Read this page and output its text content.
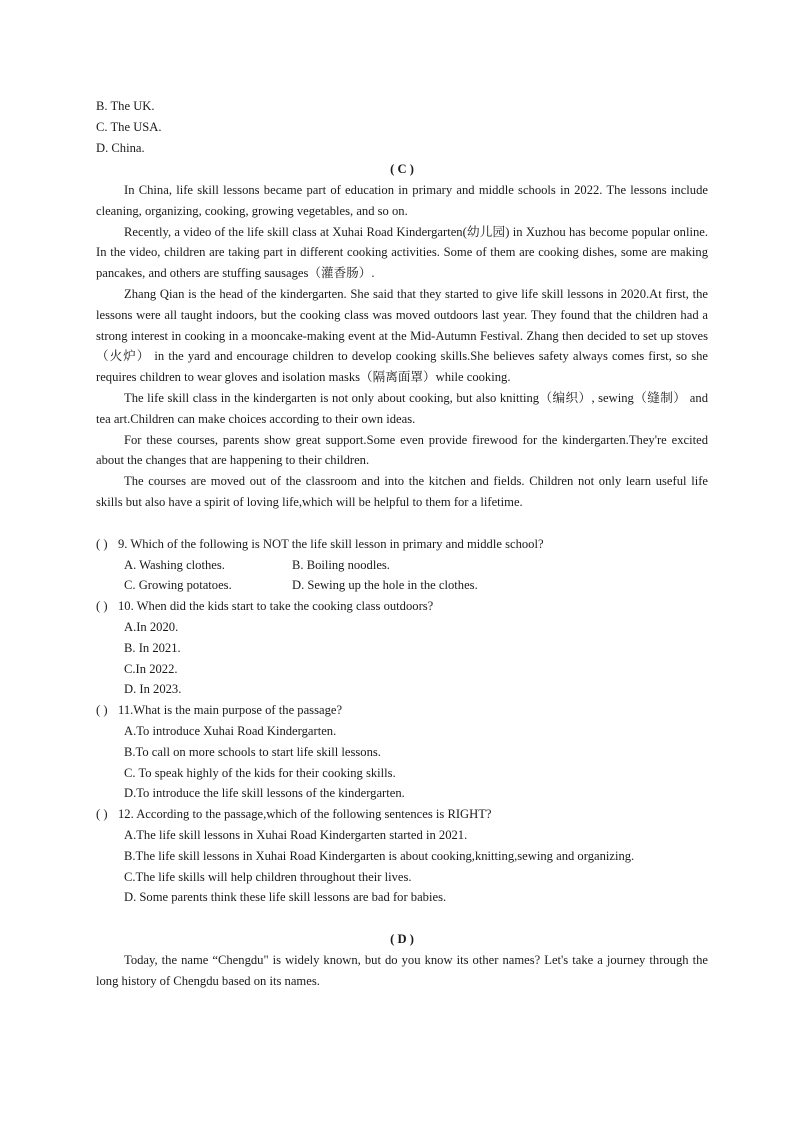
B. The UK.
C. The USA.
D. China.
( C )

In China, life skill lessons became part of education in primary and middle schools in 2022. The lessons include cleaning, organizing, cooking, growing vegetables, and so on.

Recently, a video of the life skill class at Xuhai Road Kindergarten(幼儿园) in Xuzhou has become popular online. In the video, children are taking part in different cooking activities. Some of them are cooking dishes, some are making pancakes, and others are stuffing sausages（灌香肠）.

Zhang Qian is the head of the kindergarten. She said that they started to give life skill lessons in 2020.At first, the lessons were all taught indoors, but the cooking class was moved outdoors last year. They found that the children had a strong interest in cooking in a mooncake-making event at the Mid-Autumn Festival. Zhang then decided to set up stoves（火炉） in the yard and encourage children to develop cooking skills.She believes safety always comes first, so she requires children to wear gloves and isolation masks（隔离面罩）while cooking.

The life skill class in the kindergarten is not only about cooking, but also knitting（编织）, sewing（缝制） and tea art.Children can make choices according to their own ideas.

For these courses, parents show great support.Some even provide firewood for the kindergarten.They're excited about the changes that are happening to their children.

The courses are moved out of the classroom and into the kitchen and fields. Children not only learn useful life skills but also have a spirit of loving life,which will be helpful to them for a lifetime.

( ) 9. Which of the following is NOT the life skill lesson in primary and middle school?
A. Washing clothes.	B. Boiling noodles.
C. Growing potatoes.	D. Sewing up the hole in the clothes.
( ) 10. When did the kids start to take the cooking class outdoors?
A.In 2020.
B. In 2021.
C.In 2022.
D. In 2023.
( ) 11.What is the main purpose of the passage?
A.To introduce Xuhai Road Kindergarten.
B.To call on more schools to start life skill lessons.
C. To speak highly of the kids for their cooking skills.
D.To introduce the life skill lessons of the kindergarten.
( ) 12. According to the passage,which of the following sentences is RIGHT?
A.The life skill lessons in Xuhai Road Kindergarten started in 2021.
B.The life skill lessons in Xuhai Road Kindergarten is about cooking,knitting,sewing and organizing.
C.The life skills will help children throughout their lives.
D. Some parents think these life skill lessons are bad for babies.
( D )

Today, the name “Chengdu" is widely known, but do you know its other names? Let's take a journey through the long history of Chengdu based on its names.
